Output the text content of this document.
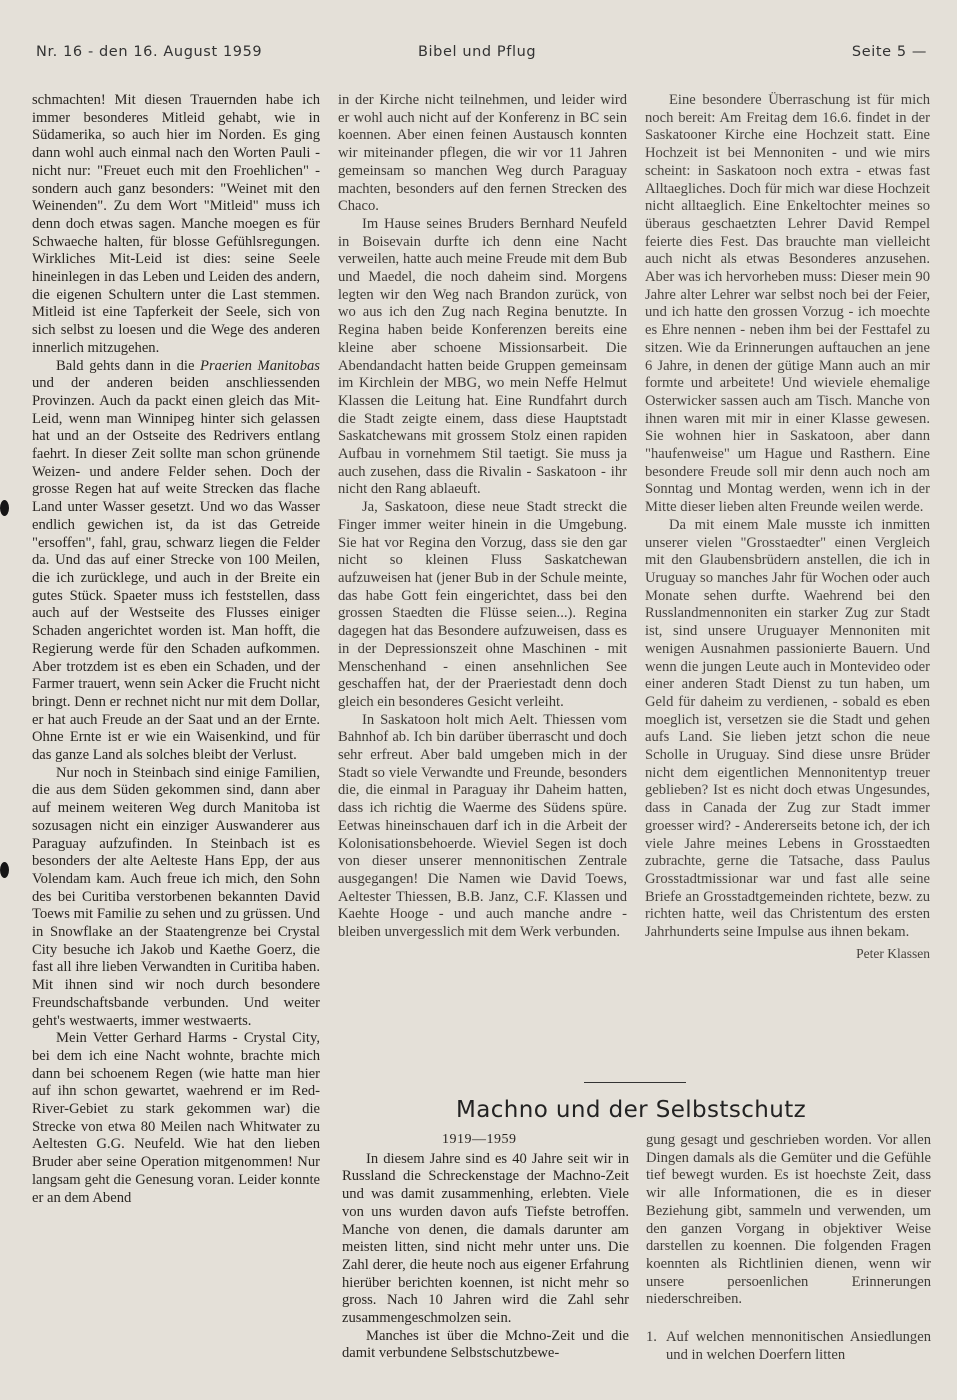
Nr. 16 - den 16. August 1959	Bibel und Pflug	Seite 5 —

schmachten! Mit diesen Trauernden habe ich immer besonderes Mitleid gehabt, wie in Südamerika, so auch hier im Norden. Es ging dann wohl auch einmal nach den Worten Pauli - nicht nur: "Freuet euch mit den Froehlichen" - sondern auch ganz besonders: "Weinet mit den Weinenden". Zu dem Wort "Mitleid" muss ich denn doch etwas sagen. Manche moegen es für Schwaeche halten, für blosse Gefühlsregungen. Wirkliches Mit-Leid ist dies: seine Seele hineinlegen in das Leben und Leiden des andern, die eigenen Schultern unter die Last stemmen. Mitleid ist eine Tapferkeit der Seele, sich von sich selbst zu loesen und die Wege des anderen innerlich mitzugehen.

Bald gehts dann in die Praerien Manitobas und der anderen beiden anschliessenden Provinzen. Auch da packt einen gleich das Mit-Leid, wenn man Winnipeg hinter sich gelassen hat und an der Ostseite des Redrivers entlang faehrt. In dieser Zeit sollte man schon grünende Weizen- und andere Felder sehen. Doch der grosse Regen hat auf weite Strecken das flache Land unter Wasser gesetzt. Und wo das Wasser endlich gewichen ist, da ist das Getreide "ersoffen", fahl, grau, schwarz liegen die Felder da. Und das auf einer Strecke von 100 Meilen, die ich zurücklege, und auch in der Breite ein gutes Stück. Spaeter muss ich feststellen, dass auch auf der Westseite des Flusses einiger Schaden angerichtet worden ist. Man hofft, die Regierung werde für den Schaden aufkommen. Aber trotzdem ist es eben ein Schaden, und der Farmer trauert, wenn sein Acker die Frucht nicht bringt. Denn er rechnet nicht nur mit dem Dollar, er hat auch Freude an der Saat und an der Ernte. Ohne Ernte ist er wie ein Waisenkind, und für das ganze Land als solches bleibt der Verlust.

Nur noch in Steinbach sind einige Familien, die aus dem Süden gekommen sind, dann aber auf meinem weiteren Weg durch Manitoba ist sozusagen nicht ein einziger Auswanderer aus Paraguay aufzufinden. In Steinbach ist es besonders der alte Aelteste Hans Epp, der aus Volendam kam. Auch freue ich mich, den Sohn des bei Curitiba verstorbenen bekannten David Toews mit Familie zu sehen und zu grüssen. Und in Snowflake an der Staatengrenze bei Crystal City besuche ich Jakob und Kaethe Goerz, die fast all ihre lieben Verwandten in Curitiba haben. Mit ihnen sind wir noch durch besondere Freundschaftsbande verbunden. Und weiter geht's westwaerts, immer westwaerts.

Mein Vetter Gerhard Harms - Crystal City, bei dem ich eine Nacht wohnte, brachte mich dann bei schoenem Regen (wie hatte man hier auf ihn schon gewartet, waehrend er im Red-River-Gebiet zu stark gekommen war) die Strecke von etwa 80 Meilen nach Whitwater zu Aeltesten G.G. Neufeld. Wie hat den lieben Bruder aber seine Operation mitgenommen! Nur langsam geht die Genesung voran. Leider konnte er an dem Abend

in der Kirche nicht teilnehmen, und leider wird er wohl auch nicht auf der Konferenz in BC sein koennen. Aber einen feinen Austausch konnten wir miteinander pflegen, die wir vor 11 Jahren gemeinsam so manchen Weg durch Paraguay machten, besonders auf den fernen Strecken des Chaco.

Im Hause seines Bruders Bernhard Neufeld in Boisevain durfte ich denn eine Nacht verweilen, hatte auch meine Freude mit dem Bub und Maedel, die noch daheim sind. Morgens legten wir den Weg nach Brandon zurück, von wo aus ich den Zug nach Regina benutzte. In Regina haben beide Konferenzen bereits eine kleine aber schoene Missionsarbeit. Die Abendandacht hatten beide Gruppen gemeinsam im Kirchlein der MBG, wo mein Neffe Helmut Klassen die Leitung hat. Eine Rundfahrt durch die Stadt zeigte einem, dass diese Hauptstadt Saskatchewans mit grossem Stolz einen rapiden Aufbau in vornehmem Stil taetigt. Sie muss ja auch zusehen, dass die Rivalin - Saskatoon - ihr nicht den Rang ablaeuft.

Ja, Saskatoon, diese neue Stadt streckt die Finger immer weiter hinein in die Umgebung. Sie hat vor Regina den Vorzug, dass sie den gar nicht so kleinen Fluss Saskatchewan aufzuweisen hat (jener Bub in der Schule meinte, das habe Gott fein eingerichtet, dass bei den grossen Staedten die Flüsse seien...). Regina dagegen hat das Besondere aufzuweisen, dass es in der Depressionszeit ohne Maschinen - mit Menschenhand - einen ansehnlichen See geschaffen hat, der der Praeriestadt denn doch gleich ein besonderes Gesicht verleiht.

In Saskatoon holt mich Aelt. Thiessen vom Bahnhof ab. Ich bin darüber überrascht und doch sehr erfreut. Aber bald umgeben mich in der Stadt so viele Verwandte und Freunde, besonders die, die einmal in Paraguay ihr Daheim hatten, dass ich richtig die Waerme des Südens spüre. Eetwas hineinschauen darf ich in die Arbeit der Kolonisationsbehoerde. Wieviel Segen ist doch von dieser unserer mennonitischen Zentrale ausgegangen! Die Namen wie David Toews, Aeltester Thiessen, B.B. Janz, C.F. Klassen und Kaehte Hooge - und auch manche andre - bleiben unvergesslich mit dem Werk verbunden.

Eine besondere Überraschung ist für mich noch bereit: Am Freitag dem 16.6. findet in der Saskatooner Kirche eine Hochzeit statt. Eine Hochzeit ist bei Mennoniten - und wie mirs scheint: in Saskatoon noch extra - etwas fast Alltaegliches. Doch für mich war diese Hochzeit nicht alltaeglich. Eine Enkeltochter meines so überaus geschaetzten Lehrer David Rempel feierte dies Fest. Das brauchte man vielleicht auch nicht als etwas Besonderes anzusehen. Aber was ich hervorheben muss: Dieser mein 90 Jahre alter Lehrer war selbst noch bei der Feier, und ich hatte den grossen Vorzug - ich moechte es Ehre nennen - neben ihm bei der Festtafel zu sitzen. Wie da Erinnerungen auftauchen an jene 6 Jahre, in denen der gütige Mann auch an mir formte und arbeitete! Und wieviele ehemalige Osterwicker sassen auch am Tisch. Manche von ihnen waren mit mir in einer Klasse gewesen. Sie wohnen hier in Saskatoon, aber dann "haufenweise" um Hague und Rasthern. Eine besondere Freude soll mir denn auch noch am Sonntag und Montag werden, wenn ich in der Mitte dieser lieben alten Freunde weilen werde.

Da mit einem Male musste ich inmitten unserer vielen "Grosstaedter" einen Vergleich mit den Glaubensbrüdern anstellen, die ich in Uruguay so manches Jahr für Wochen oder auch Monate sehen durfte. Waehrend bei den Russlandmennoniten ein starker Zug zur Stadt ist, sind unsere Uruguayer Mennoniten mit wenigen Ausnahmen passionierte Bauern. Und wenn die jungen Leute auch in Montevideo oder einer anderen Stadt Dienst zu tun haben, um Geld für daheim zu verdienen, - sobald es eben moeglich ist, versetzen sie die Stadt und gehen aufs Land. Sie lieben jetzt schon die neue Scholle in Uruguay. Sind diese unsre Brüder nicht dem eigentlichen Mennonitentyp treuer geblieben? Ist es nicht doch etwas Ungesundes, dass in Canada der Zug zur Stadt immer groesser wird? - Andererseits betone ich, der ich viele Jahre meines Lebens in Grosstaedten zubrachte, gerne die Tatsache, dass Paulus Grosstadtmissionar war und fast alle seine Briefe an Grosstadtgemeinden richtete, bezw. zu richten hatte, weil das Christentum des ersten Jahrhunderts seine Impulse aus ihnen bekam.

Peter Klassen
Machno und der Selbstschutz
1919—1959

In diesem Jahre sind es 40 Jahre seit wir in Russland die Schreckenstage der Machno-Zeit und was damit zusammenhing, erlebten. Viele von uns wurden davon aufs Tiefste betroffen. Manche von denen, die damals darunter am meisten litten, sind nicht mehr unter uns. Die Zahl derer, die heute noch aus eigener Erfahrung hierüber berichten koennen, ist nicht mehr so gross. Nach 10 Jahren wird die Zahl sehr zusammengeschmolzen sein.

Manches ist über die Mchno-Zeit und die damit verbundene Selbstschutzbewe-

gung gesagt und geschrieben worden. Vor allen Dingen damals als die Gemüter und die Gefühle tief bewegt wurden. Es ist hoechste Zeit, dass wir alle Informationen, die es in dieser Beziehung gibt, sammeln und verwenden, um den ganzen Vorgang in objektiver Weise darstellen zu koennen. Die folgenden Fragen koennten als Richtlinien dienen, wenn wir unsere persoenlichen Erinnerungen niederschreiben.

1. Auf welchen mennonitischen Ansiedlungen und in welchen Doerfern litten
